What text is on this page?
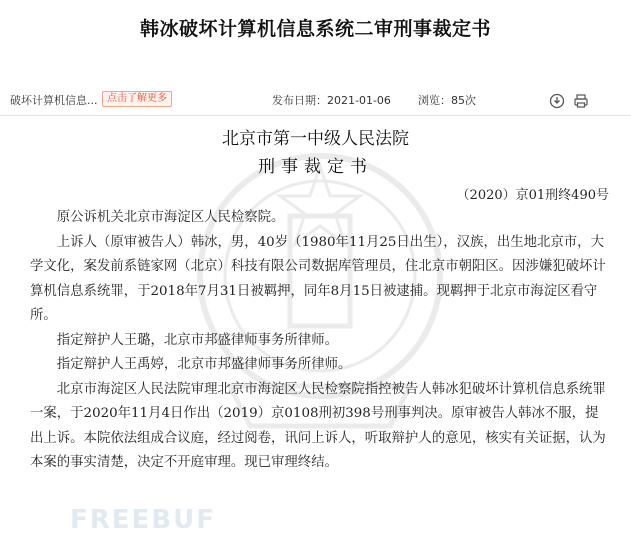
韩冰破坏计算机信息系统二审刑事裁定书
破坏计算机信息... 点击了解更多	发布日期：2021-01-06 浏览：85次
北京市第一中级人民法院
刑事裁定书
（2020）京01刑终490号

原公诉机关北京市海淀区人民检察院。

上诉人（原审被告人）韩冰，男，40岁（1980年11月25日出生），汉族，出生地北京市，大学文化，案发前系链家网（北京）科技有限公司数据库管理员，住北京市朝阳区。因涉嫌犯破坏计算机信息系统罪，于2018年7月31日被羁押，同年8月15日被逮捕。现羁押于北京市海淀区看守所。

指定辩护人王璐，北京市邦盛律师事务所律师。

指定辩护人王禹婷，北京市邦盛律师事务所律师。

北京市海淀区人民法院审理北京市海淀区人民检察院指控被告人韩冰犯破坏计算机信息系统罪一案，于2020年11月4日作出（2019）京0108刑初398号刑事判决。原审被告人韩冰不服，提出上诉。本院依法组成合议庭，经过阅卷，讯问上诉人，听取辩护人的意见，核实有关证据，认为本案的事实清楚，决定不开庭审理。现已审理终结。

FREEBUF
